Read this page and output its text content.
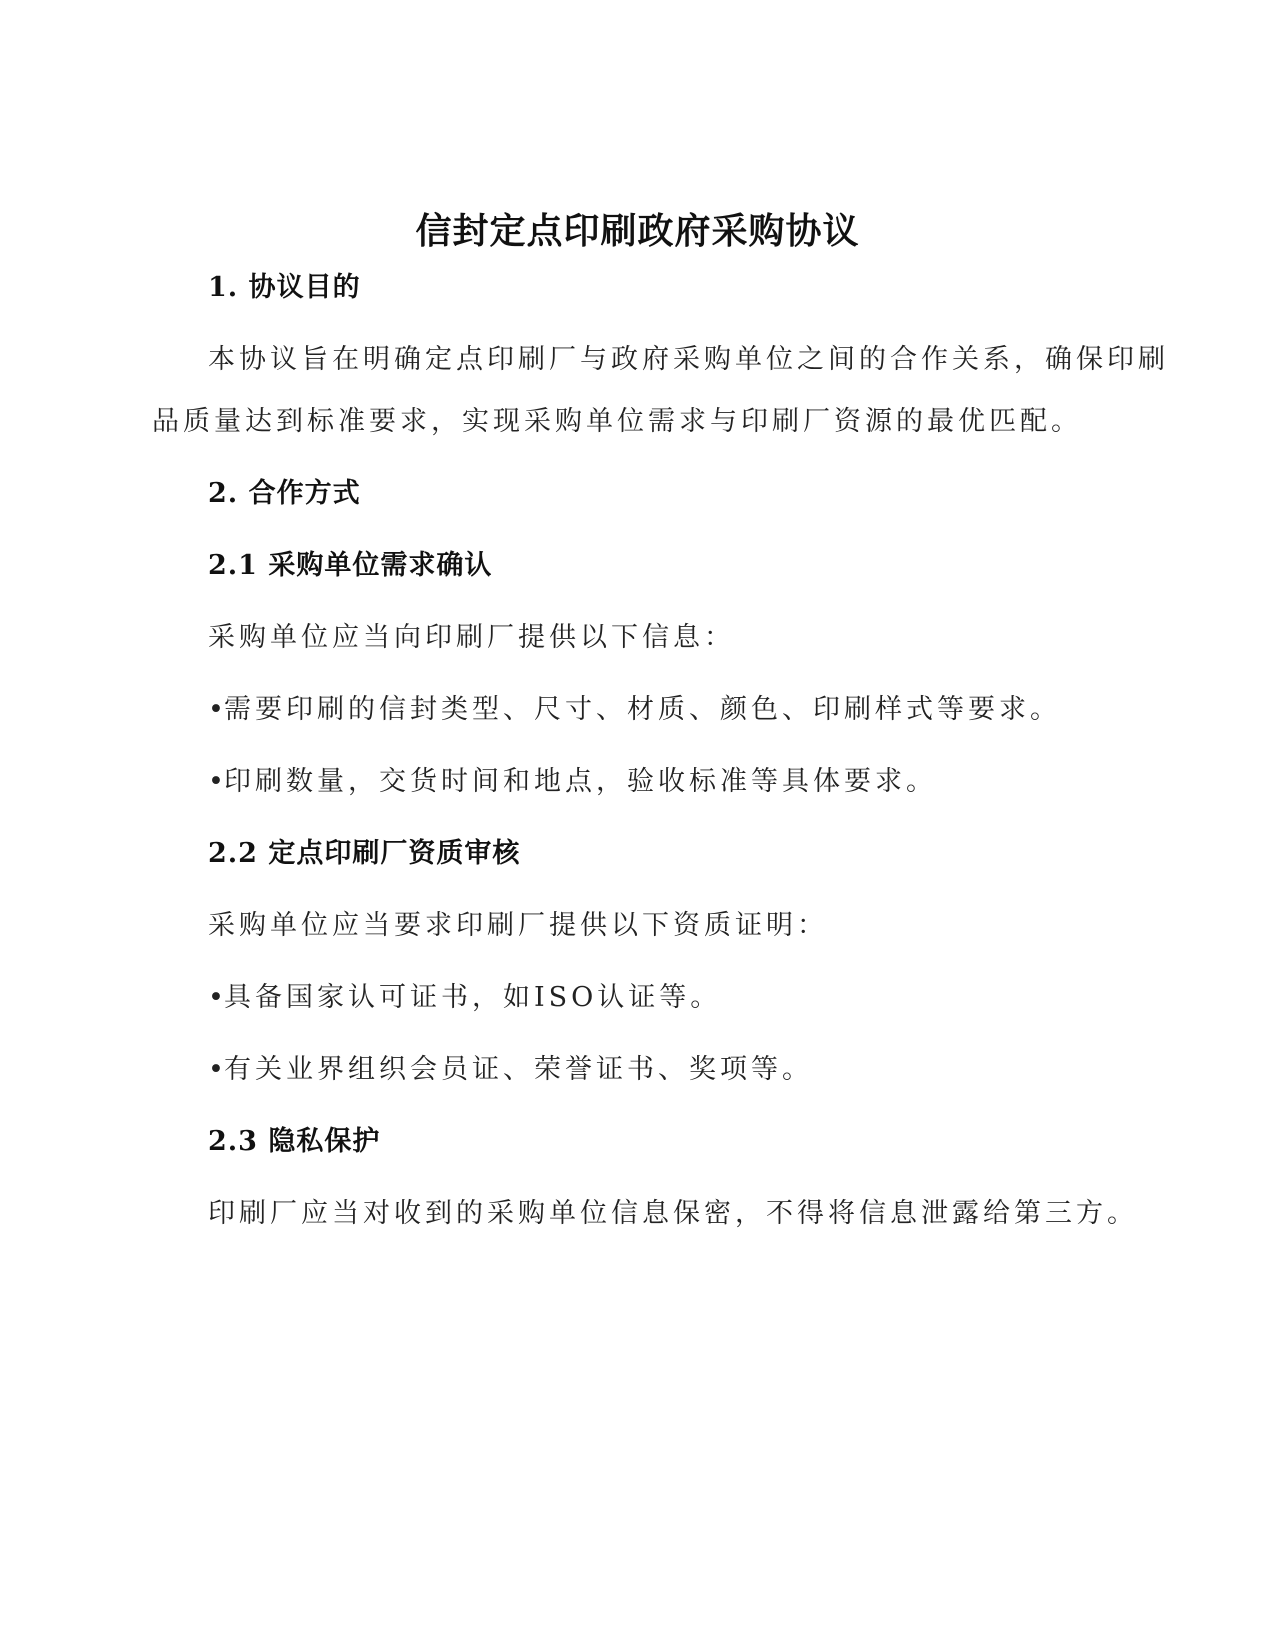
信封定点印刷政府采购协议
1. 协议目的
本协议旨在明确定点印刷厂与政府采购单位之间的合作关系，确保印刷
品质量达到标准要求，实现采购单位需求与印刷厂资源的最优匹配。
2. 合作方式
2.1 采购单位需求确认
采购单位应当向印刷厂提供以下信息：
•需要印刷的信封类型、尺寸、材质、颜色、印刷样式等要求。
•印刷数量，交货时间和地点，验收标准等具体要求。
2.2 定点印刷厂资质审核
采购单位应当要求印刷厂提供以下资质证明：
•具备国家认可证书，如ISO认证等。
•有关业界组织会员证、荣誉证书、奖项等。
2.3 隐私保护
印刷厂应当对收到的采购单位信息保密，不得将信息泄露给第三方。
